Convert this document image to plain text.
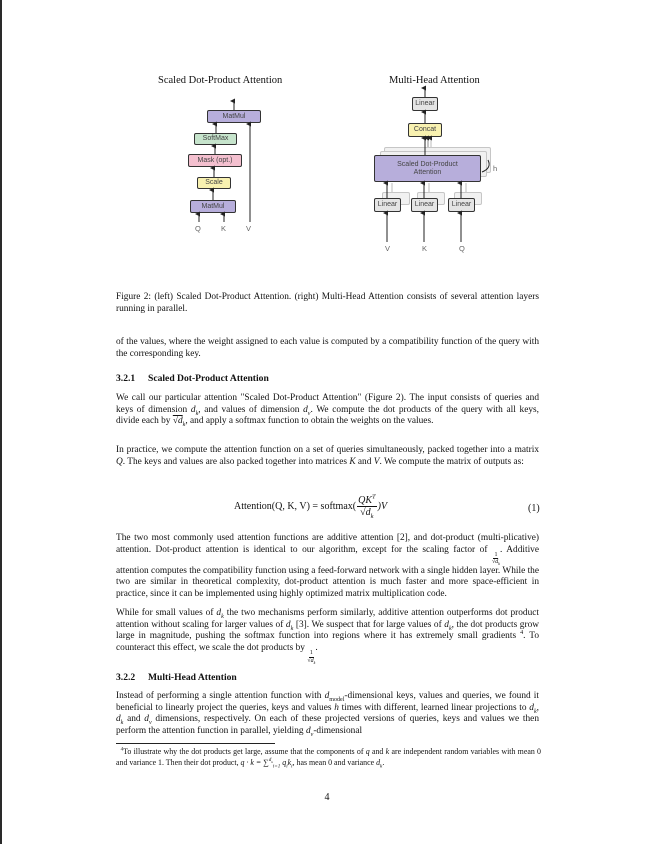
Scaled Dot-Product Attention
MatMul
SoftMax
Mask (opt.)
Scale
MatMul
Q	K	V
Multi-Head Attention
Linear
Concat
Scaled Dot-Product
Attention	h
Linear	Linear	Linear
V	K	Q
Figure 2: (left) Scaled Dot-Product Attention. (right) Multi-Head Attention consists of several attention layers running in parallel.
of the values, where the weight assigned to each value is computed by a compatibility function of the query with the corresponding key.
3.2.1 Scaled Dot-Product Attention
We call our particular attention "Scaled Dot-Product Attention" (Figure 2). The input consists of queries and keys of dimension $d_k$, and values of dimension $d_v$. We compute the dot products of the query with all keys, divide each by $√d_k$, and apply a softmax function to obtain the weights on the values.
In practice, we compute the attention function on a set of queries simultaneously, packed together into a matrix Q. The keys and values are also packed together into matrices K and V. We compute the matrix of outputs as:
Attention(Q, K, V) = softmax( $\frac{QK^T}{√d_k} )V$	(1)
The two most commonly used attention functions are additive attention [2], and dot-product (multi-plicative) attention. Dot-product attention is identical to our algorithm, except for the scaling factor of
$\frac{1}{√d_k}$
. Additive attention computes the compatibility function using a feed-forward network with a single hidden layer. While the two are similar in theoretical complexity, dot-product attention is much faster and more space-efficient in practice, since it can be implemented using highly optimized matrix multiplication code.
While for small values of $d_k$ the two mechanisms perform similarly, additive attention outperforms dot product attention without scaling for larger values of $d_k$ [3]. We suspect that for large values of $d_k$, the dot products grow large in magnitude, pushing the softmax function into regions where it has extremely small gradients $^4$. To counteract this effect, we scale the dot products by
$\frac{1}{√d_k}$
.
3.2.2 Multi-Head Attention
Instead of performing a single attention function with $d_{model}$-dimensional keys, values and queries, we found it beneficial to linearly project the queries, keys and values h times with different, learned linear projections to $d_k$, $d_k$ and $d_v$ dimensions, respectively. On each of these projected versions of queries, keys and values we then perform the attention function in parallel, yielding $d_v$-dimensional
$^4$To illustrate why the dot products get large, assume that the components of q and k are independent random variables with mean 0 and variance 1. Then their dot product, q · k = ∑$^{d_k}_{i=1}$ $q_ik_i$, has mean 0 and variance $d_k$.
4
